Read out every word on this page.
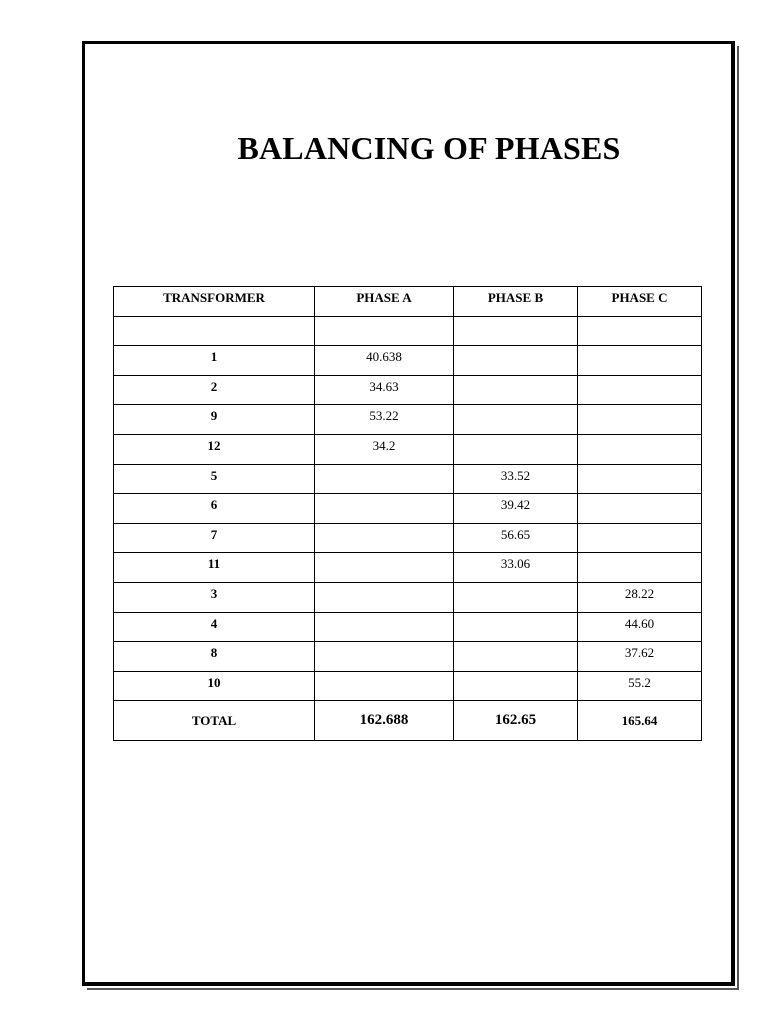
BALANCING OF PHASES
TRANSFORMER	PHASE A	PHASE B	PHASE C

1	40.638		
2	34.63		
9	53.22		
12	34.2		
5		33.52	
6		39.42	
7		56.65	
11		33.06	
3			28.22
4			44.60
8			37.62
10			55.2
TOTAL	162.688	162.65	165.64
